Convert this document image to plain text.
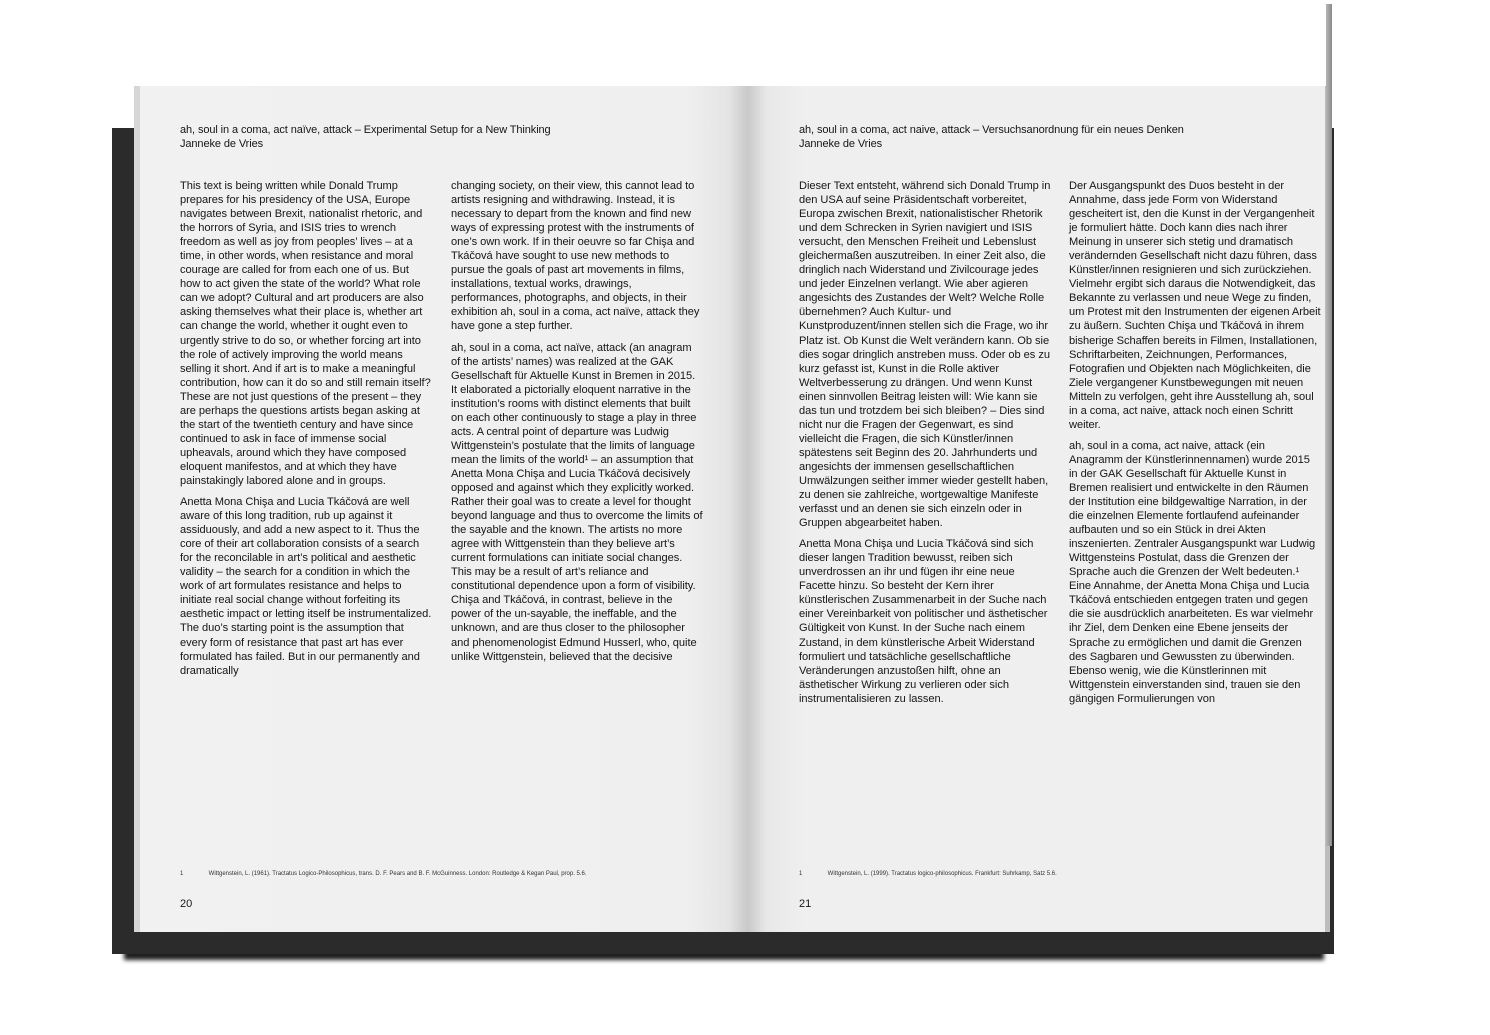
ah, soul in a coma, act naïve, attack – Experimental Setup for a New Thinking
Janneke de Vries

This text is being written while Donald Trump prepares for his presidency of the USA, Europe navigates between Brexit, nationalist rhetoric, and the horrors of Syria, and ISIS tries to wrench freedom as well as joy from peoples’ lives – at a time, in other words, when resistance and moral courage are called for from each one of us. But how to act given the state of the world? What role can we adopt? Cultural and art producers are also asking themselves what their place is, whether art can change the world, whether it ought even to urgently strive to do so, or whether forcing art into the role of actively improving the world means selling it short. And if art is to make a meaningful contribution, how can it do so and still remain itself? These are not just questions of the present – they are perhaps the questions artists began asking at the start of the twentieth century and have since continued to ask in face of immense social upheavals, around which they have composed eloquent manifestos, and at which they have painstakingly labored alone and in groups.

Anetta Mona Chişa and Lucia Tkáčová are well aware of this long tradition, rub up against it assiduously, and add a new aspect to it. Thus the core of their art collaboration consists of a search for the reconcilable in art’s political and aesthetic validity – the search for a condition in which the work of art formulates resistance and helps to initiate real social change without forfeiting its aesthetic impact or letting itself be instrumentalized. The duo’s starting point is the assumption that every form of resistance that past art has ever formulated has failed. But in our permanently and dramatically

changing society, on their view, this cannot lead to artists resigning and withdrawing. Instead, it is necessary to depart from the known and find new ways of expressing protest with the instruments of one’s own work. If in their oeuvre so far Chişa and Tkáčová have sought to use new methods to pursue the goals of past art movements in films, installations, textual works, drawings, performances, photographs, and objects, in their exhibition ah, soul in a coma, act naïve, attack they have gone a step further.

ah, soul in a coma, act naïve, attack (an anagram of the artists’ names) was realized at the GAK Gesellschaft für Aktuelle Kunst in Bremen in 2015. It elaborated a pictorially eloquent narrative in the institution’s rooms with distinct elements that built on each other continuously to stage a play in three acts. A central point of departure was Ludwig Wittgenstein’s postulate that the limits of language mean the limits of the world¹ – an assumption that Anetta Mona Chişa and Lucia Tkáčová decisively opposed and against which they explicitly worked. Rather their goal was to create a level for thought beyond language and thus to overcome the limits of the sayable and the known. The artists no more agree with Wittgenstein than they believe art’s current formulations can initiate social changes. This may be a result of art’s reliance and constitutional dependence upon a form of visibility. Chişa and Tkáčová, in contrast, believe in the power of the un-sayable, the ineffable, and the unknown, and are thus closer to the philosopher and phenomenologist Edmund Husserl, who, quite unlike Wittgenstein, believed that the decisive

1	Wittgenstein, L. (1961). Tractatus Logico-Philosophicus, trans. D. F. Pears and B. F. McGuinness. London: Routledge & Kegan Paul, prop. 5.6.
20
ah, soul in a coma, act naive, attack – Versuchsanordnung für ein neues Denken
Janneke de Vries

Dieser Text entsteht, während sich Donald Trump in den USA auf seine Präsidentschaft vorbereitet, Europa zwischen Brexit, nationalistischer Rhetorik und dem Schrecken in Syrien navigiert und ISIS versucht, den Menschen Freiheit und Lebenslust gleichermaßen auszutreiben. In einer Zeit also, die dringlich nach Widerstand und Zivilcourage jedes und jeder Einzelnen verlangt. Wie aber agieren angesichts des Zustandes der Welt? Welche Rolle übernehmen? Auch Kultur- und Kunstproduzent/innen stellen sich die Frage, wo ihr Platz ist. Ob Kunst die Welt verändern kann. Ob sie dies sogar dringlich anstreben muss. Oder ob es zu kurz gefasst ist, Kunst in die Rolle aktiver Weltverbesserung zu drängen. Und wenn Kunst einen sinnvollen Beitrag leisten will: Wie kann sie das tun und trotzdem bei sich bleiben? – Dies sind nicht nur die Fragen der Gegenwart, es sind vielleicht die Fragen, die sich Künstler/innen spätestens seit Beginn des 20. Jahrhunderts und angesichts der immensen gesellschaftlichen Umwälzungen seither immer wieder gestellt haben, zu denen sie zahlreiche, wortgewaltige Manifeste verfasst und an denen sie sich einzeln oder in Gruppen abgearbeitet haben.

Anetta Mona Chişa und Lucia Tkáčová sind sich dieser langen Tradition bewusst, reiben sich unverdrossen an ihr und fügen ihr eine neue Facette hinzu. So besteht der Kern ihrer künstlerischen Zusammenarbeit in der Suche nach einer Vereinbarkeit von politischer und ästhetischer Gültigkeit von Kunst. In der Suche nach einem Zustand, in dem künstlerische Arbeit Widerstand formuliert und tatsächliche gesellschaftliche Veränderungen anzustoßen hilft, ohne an ästhetischer Wirkung zu verlieren oder sich instrumentalisieren zu lassen.

Der Ausgangspunkt des Duos besteht in der Annahme, dass jede Form von Widerstand gescheitert ist, den die Kunst in der Vergangenheit je formuliert hätte. Doch kann dies nach ihrer Meinung in unserer sich stetig und dramatisch verändernden Gesellschaft nicht dazu führen, dass Künstler/innen resignieren und sich zurückziehen. Vielmehr ergibt sich daraus die Notwendigkeit, das Bekannte zu verlassen und neue Wege zu finden, um Protest mit den Instrumenten der eigenen Arbeit zu äußern. Suchten Chişa und Tkáčová in ihrem bisherige Schaffen bereits in Filmen, Installationen, Schriftarbeiten, Zeichnungen, Performances, Fotografien und Objekten nach Möglichkeiten, die Ziele vergangener Kunstbewegungen mit neuen Mitteln zu verfolgen, geht ihre Ausstellung ah, soul in a coma, act naive, attack noch einen Schritt weiter.

ah, soul in a coma, act naive, attack (ein Anagramm der Künstlerinnennamen) wurde 2015 in der GAK Gesellschaft für Aktuelle Kunst in Bremen realisiert und entwickelte in den Räumen der Institution eine bildgewaltige Narration, in der die einzelnen Elemente fortlaufend aufeinander aufbauten und so ein Stück in drei Akten inszenierten. Zentraler Ausgangspunkt war Ludwig Wittgensteins Postulat, dass die Grenzen der Sprache auch die Grenzen der Welt bedeuten.¹ Eine Annahme, der Anetta Mona Chişa und Lucia Tkáčová entschieden entgegen traten und gegen die sie ausdrücklich anarbeiteten. Es war vielmehr ihr Ziel, dem Denken eine Ebene jenseits der Sprache zu ermöglichen und damit die Grenzen des Sagbaren und Gewussten zu überwinden. Ebenso wenig, wie die Künstlerinnen mit Wittgenstein einverstanden sind, trauen sie den gängigen Formulierungen von

1	Wittgenstein, L. (1999). Tractatus logico-philosophicus. Frankfurt: Suhrkamp, Satz 5.6.
21
